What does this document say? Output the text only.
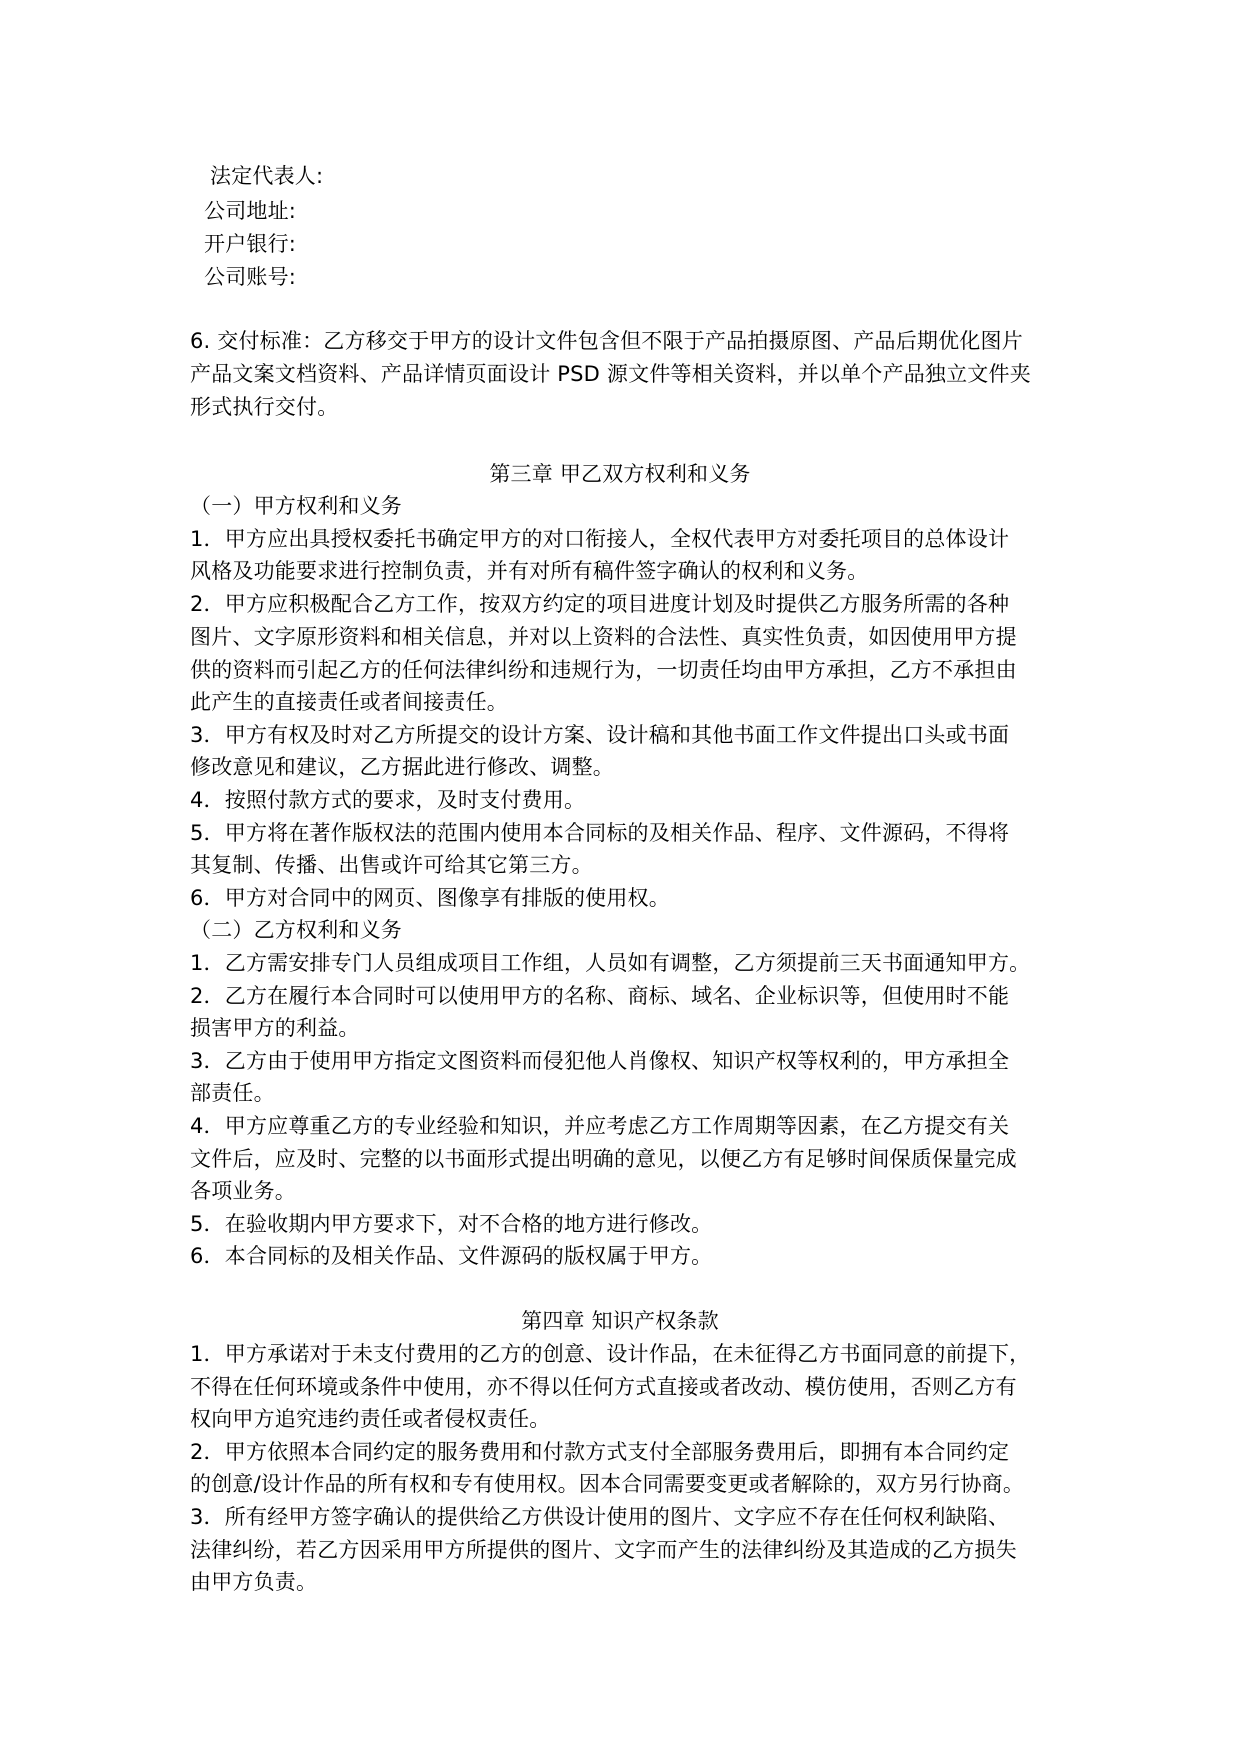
法定代表人:
公司地址:
开户银行:
公司账号:
6. 交付标准：乙方移交于甲方的设计文件包含但不限于产品拍摄原图、产品后期优化图片
产品文案文档资料、产品详情页面设计 PSD 源文件等相关资料，并以单个产品独立文件夹
形式执行交付。
第三章 甲乙双方权利和义务
（一）甲方权利和义务
1．甲方应出具授权委托书确定甲方的对口衔接人，全权代表甲方对委托项目的总体设计
风格及功能要求进行控制负责，并有对所有稿件签字确认的权利和义务。
2．甲方应积极配合乙方工作，按双方约定的项目进度计划及时提供乙方服务所需的各种
图片、文字原形资料和相关信息，并对以上资料的合法性、真实性负责，如因使用甲方提
供的资料而引起乙方的任何法律纠纷和违规行为，一切责任均由甲方承担，乙方不承担由
此产生的直接责任或者间接责任。
3．甲方有权及时对乙方所提交的设计方案、设计稿和其他书面工作文件提出口头或书面
修改意见和建议，乙方据此进行修改、调整。
4．按照付款方式的要求，及时支付费用。
5．甲方将在著作版权法的范围内使用本合同标的及相关作品、程序、文件源码，不得将
其复制、传播、出售或许可给其它第三方。
6．甲方对合同中的网页、图像享有排版的使用权。
（二）乙方权利和义务
1．乙方需安排专门人员组成项目工作组，人员如有调整，乙方须提前三天书面通知甲方。
2．乙方在履行本合同时可以使用甲方的名称、商标、域名、企业标识等，但使用时不能
损害甲方的利益。
3．乙方由于使用甲方指定文图资料而侵犯他人肖像权、知识产权等权利的，甲方承担全
部责任。
4．甲方应尊重乙方的专业经验和知识，并应考虑乙方工作周期等因素，在乙方提交有关
文件后，应及时、完整的以书面形式提出明确的意见，以便乙方有足够时间保质保量完成
各项业务。
5．在验收期内甲方要求下，对不合格的地方进行修改。
6．本合同标的及相关作品、文件源码的版权属于甲方。
第四章 知识产权条款
1．甲方承诺对于未支付费用的乙方的创意、设计作品，在未征得乙方书面同意的前提下，
不得在任何环境或条件中使用，亦不得以任何方式直接或者改动、模仿使用，否则乙方有
权向甲方追究违约责任或者侵权责任。
2．甲方依照本合同约定的服务费用和付款方式支付全部服务费用后，即拥有本合同约定
的创意/设计作品的所有权和专有使用权。因本合同需要变更或者解除的，双方另行协商。
3．所有经甲方签字确认的提供给乙方供设计使用的图片、文字应不存在任何权利缺陷、
法律纠纷，若乙方因采用甲方所提供的图片、文字而产生的法律纠纷及其造成的乙方损失
由甲方负责。
